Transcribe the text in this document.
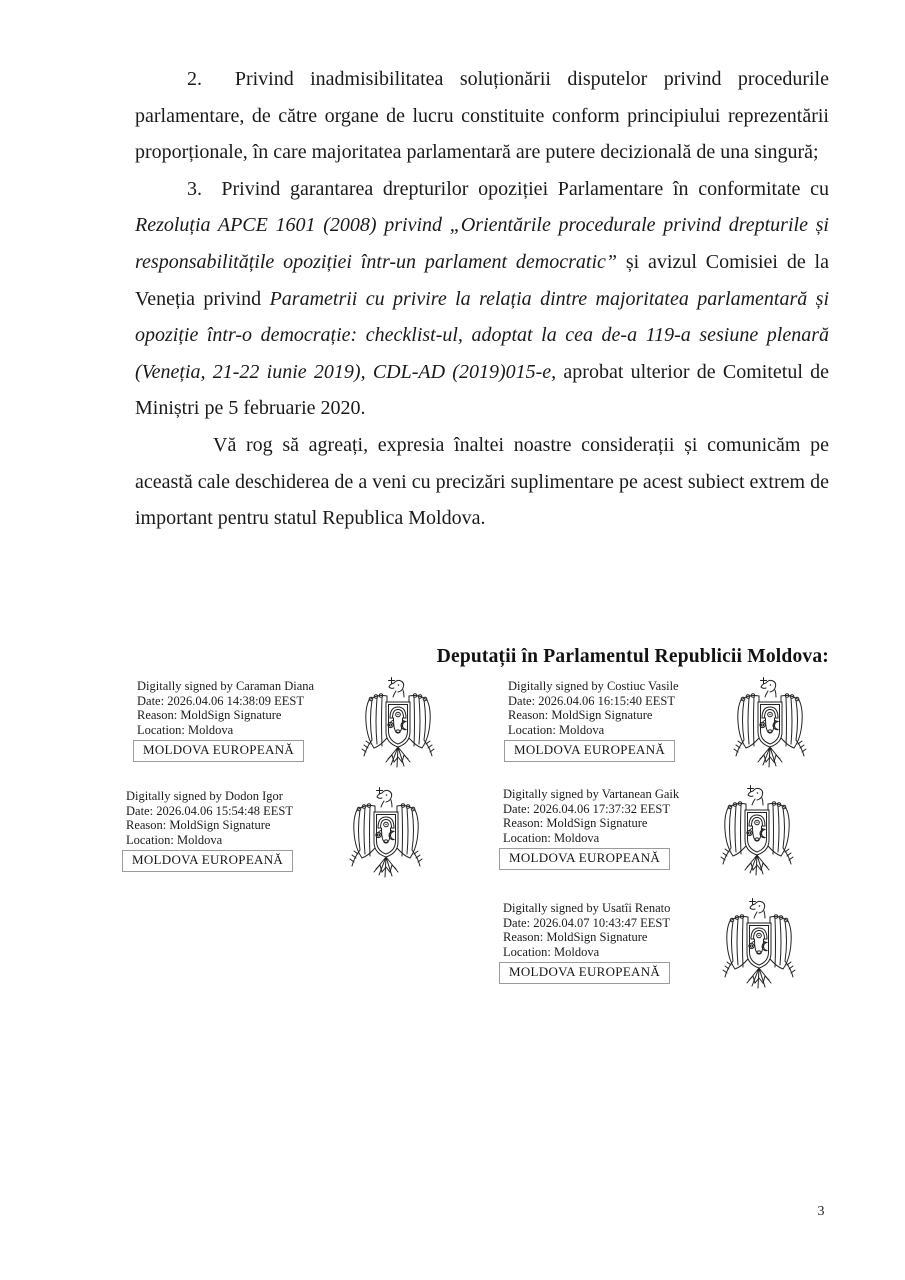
2.  Privind inadmisibilitatea soluționării disputelor privind procedurile parlamentare, de către organe de lucru constituite conform principiului reprezentării proporționale, în care majoritatea parlamentară are putere decizională de una singură;

3.  Privind garantarea drepturilor opoziției Parlamentare în conformitate cu Rezoluția APCE 1601 (2008) privind „Orientările procedurale privind drepturile și responsabilitățile opoziției într-un parlament democratic” și avizul Comisiei de la Veneția privind Parametrii cu privire la relația dintre majoritatea parlamentară și opoziție într-o democrație: checklist-ul, adoptat la cea de-a 119-a sesiune plenară (Veneția, 21-22 iunie 2019), CDL-AD (2019)015-e, aprobat ulterior de Comitetul de Miniștri pe 5 februarie 2020.

Vă rog să agreați, expresia înaltei noastre considerații și comunicăm pe această cale deschiderea de a veni cu precizări suplimentare pe acest subiect extrem de important pentru statul Republica Moldova.

Deputații în Parlamentul Republicii Moldova:
Digitally signed by Caraman Diana
Date: 2026.04.06 14:38:09 EEST
Reason: MoldSign Signature
Location: Moldova
MOLDOVA EUROPEANĂ
Digitally signed by Costiuc Vasile
Date: 2026.04.06 16:15:40 EEST
Reason: MoldSign Signature
Location: Moldova
MOLDOVA EUROPEANĂ
Digitally signed by Dodon Igor
Date: 2026.04.06 15:54:48 EEST
Reason: MoldSign Signature
Location: Moldova
MOLDOVA EUROPEANĂ
Digitally signed by Vartanean Gaik
Date: 2026.04.06 17:37:32 EEST
Reason: MoldSign Signature
Location: Moldova
MOLDOVA EUROPEANĂ
Digitally signed by Usatîi Renato
Date: 2026.04.07 10:43:47 EEST
Reason: MoldSign Signature
Location: Moldova
MOLDOVA EUROPEANĂ
3
